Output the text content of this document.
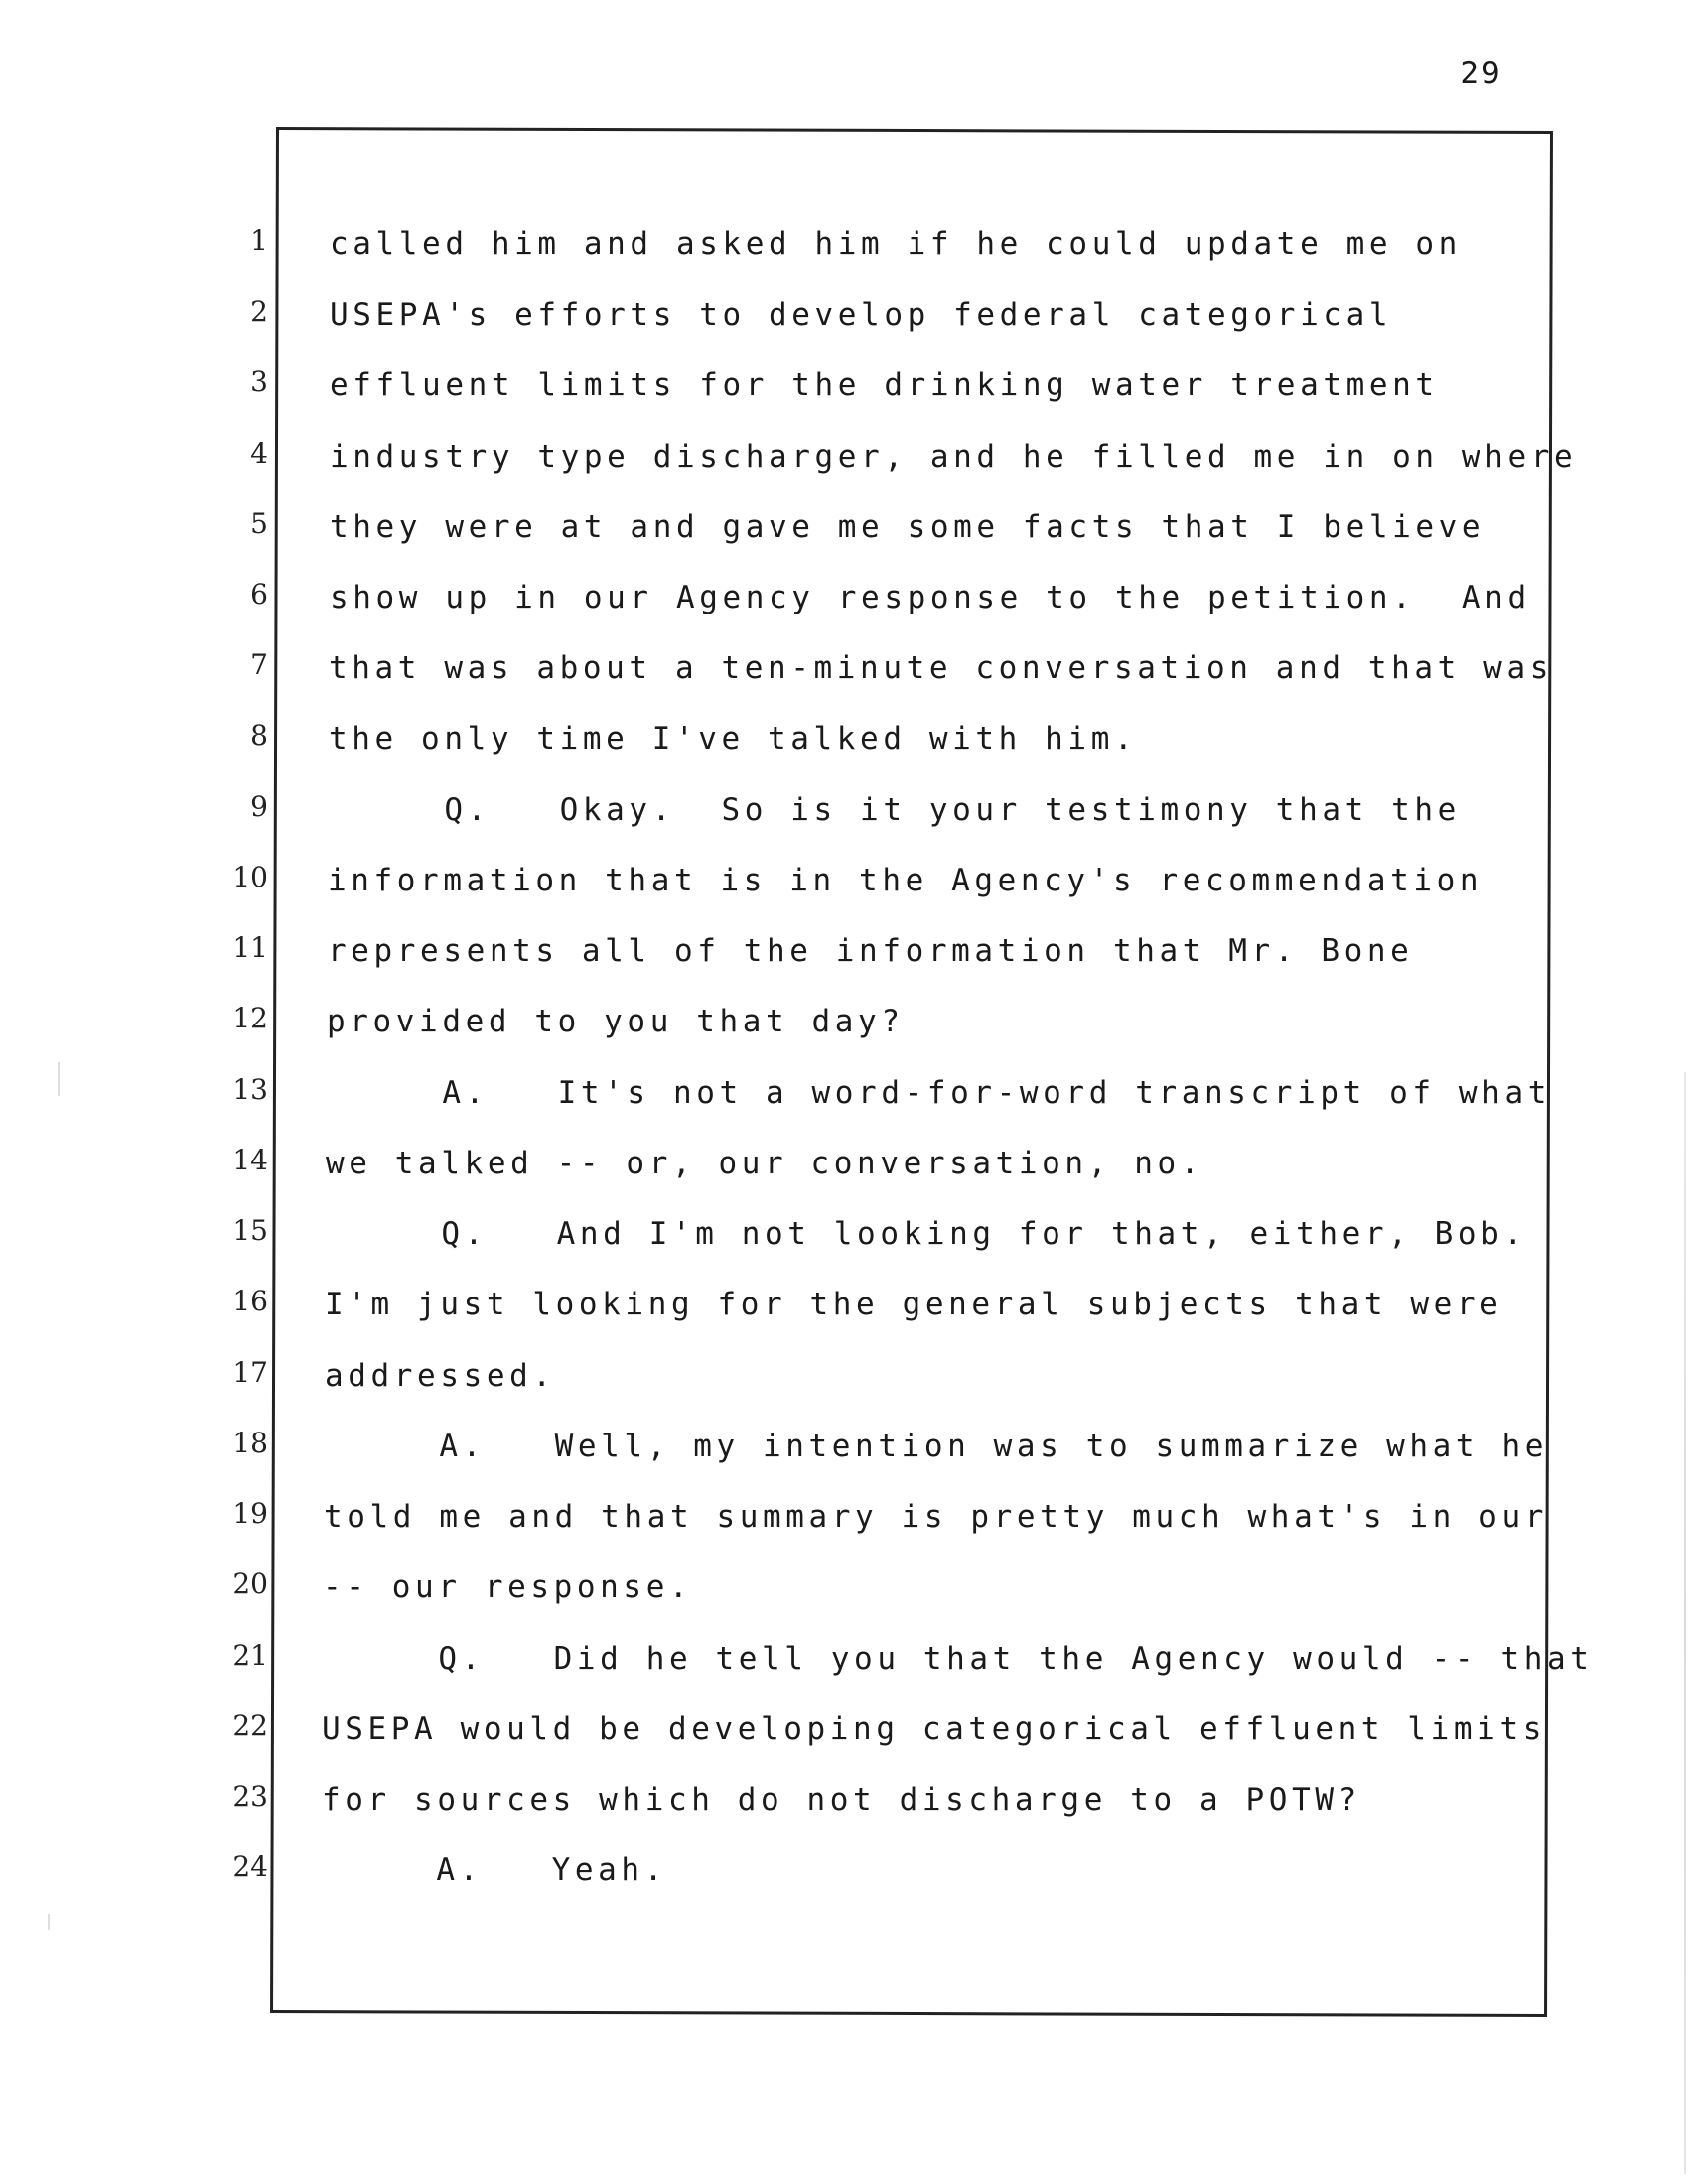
29
1
2
3
4
5
6
7
8
9
10
11
12
13
14
15
16
17
18
19
20
21
22
23
24
called him and asked him if he could update me on
USEPA's efforts to develop federal categorical
effluent limits for the drinking water treatment
industry type discharger, and he filled me in on where
they were at and gave me some facts that I believe
show up in our Agency response to the petition.  And
that was about a ten-minute conversation and that was
the only time I've talked with him.
Q.   Okay.  So is it your testimony that the
information that is in the Agency's recommendation
represents all of the information that Mr. Bone
provided to you that day?
A.   It's not a word-for-word transcript of what
we talked -- or, our conversation, no.
Q.   And I'm not looking for that, either, Bob.
I'm just looking for the general subjects that were
addressed.
A.   Well, my intention was to summarize what he
told me and that summary is pretty much what's in our
-- our response.
Q.   Did he tell you that the Agency would -- that
USEPA would be developing categorical effluent limits
for sources which do not discharge to a POTW?
A.   Yeah.
